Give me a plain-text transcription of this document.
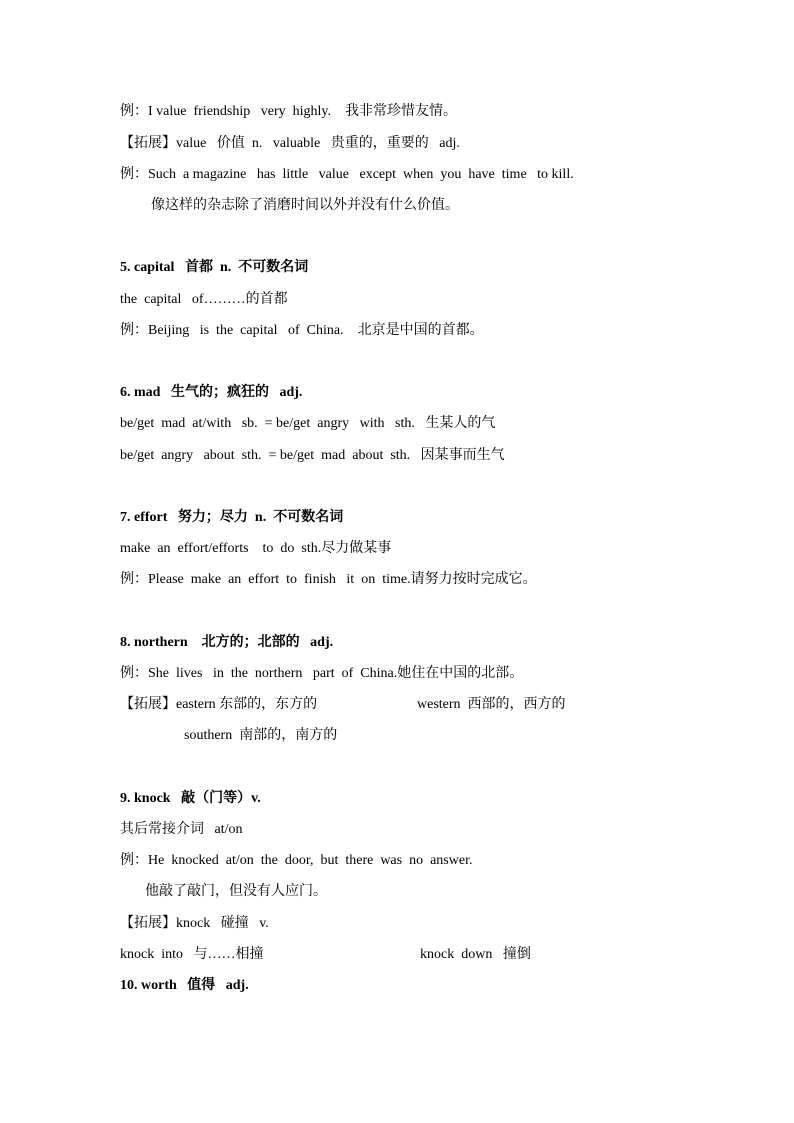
例：I value  friendship   very  highly.    我非常珍惜友情。
【拓展】value   价值  n.   valuable   贵重的，重要的   adj.
例：Such  a magazine   has  little   value   except  when  you  have  time   to kill.
像这样的杂志除了消磨时间以外并没有什么价值。
5. capital   首都  n.  不可数名词
the  capital   of………的首都
例：Beijing   is  the  capital   of  China.    北京是中国的首都。
6. mad   生气的；疯狂的   adj.
be/get  mad  at/with   sb.  = be/get  angry   with   sth.   生某人的气
be/get  angry   about  sth.  = be/get  mad  about  sth.   因某事而生气
7. effort   努力；尽力  n.  不可数名词
make  an  effort/efforts    to  do  sth.尽力做某事
例：Please  make  an  effort  to  finish   it  on  time.请努力按时完成它。
8. northern    北方的；北部的   adj.
例：She  lives   in  the  northern   part  of  China.她住在中国的北部。
【拓展】eastern 东部的，东方的	western  西部的，西方的
southern  南部的，南方的
9. knock   敲（门等）v.
其后常接介词   at/on
例：He  knocked  at/on  the  door,  but  there  was  no  answer.
他敲了敲门，但没有人应门。
【拓展】knock   碰撞   v.
knock  into   与……相撞	knock  down   撞倒
10. worth   值得   adj.
